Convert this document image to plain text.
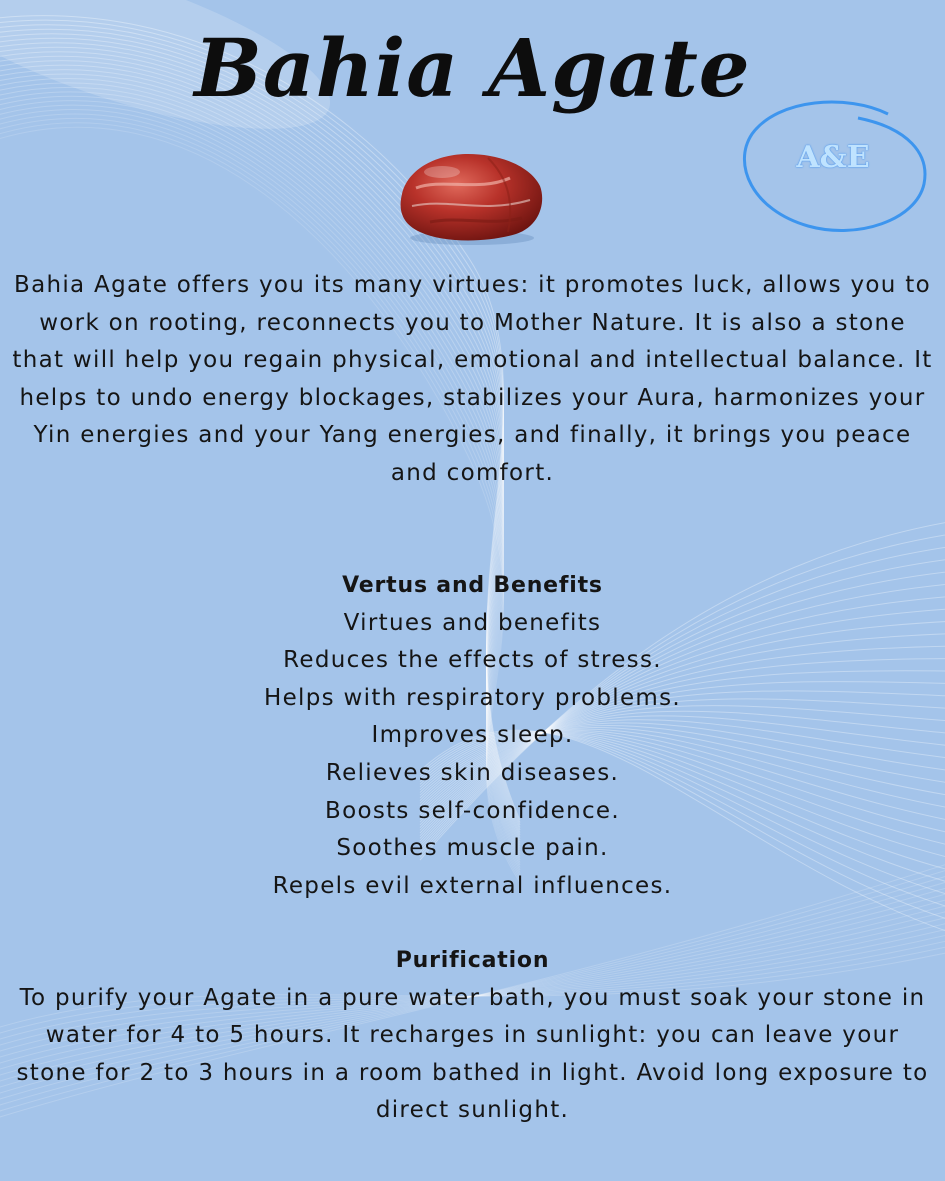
Bahia Agate
A&E

Bahia Agate offers you its many virtues: it promotes luck, allows you to work on rooting, reconnects you to Mother Nature. It is also a stone that will help you regain physical, emotional and intellectual balance. It helps to undo energy blockages, stabilizes your Aura, harmonizes your Yin energies and your Yang energies, and finally, it brings you peace and comfort.

Vertus and Benefits
Virtues and benefits
Reduces the effects of stress.
Helps with respiratory problems.
Improves sleep.
Relieves skin diseases.
Boosts self-confidence.
Soothes muscle pain.
Repels evil external influences.
Purification

To purify your Agate in a pure water bath, you must soak your stone in water for 4 to 5 hours. It recharges in sunlight: you can leave your stone for 2 to 3 hours in a room bathed in light. Avoid long exposure to direct sunlight.
